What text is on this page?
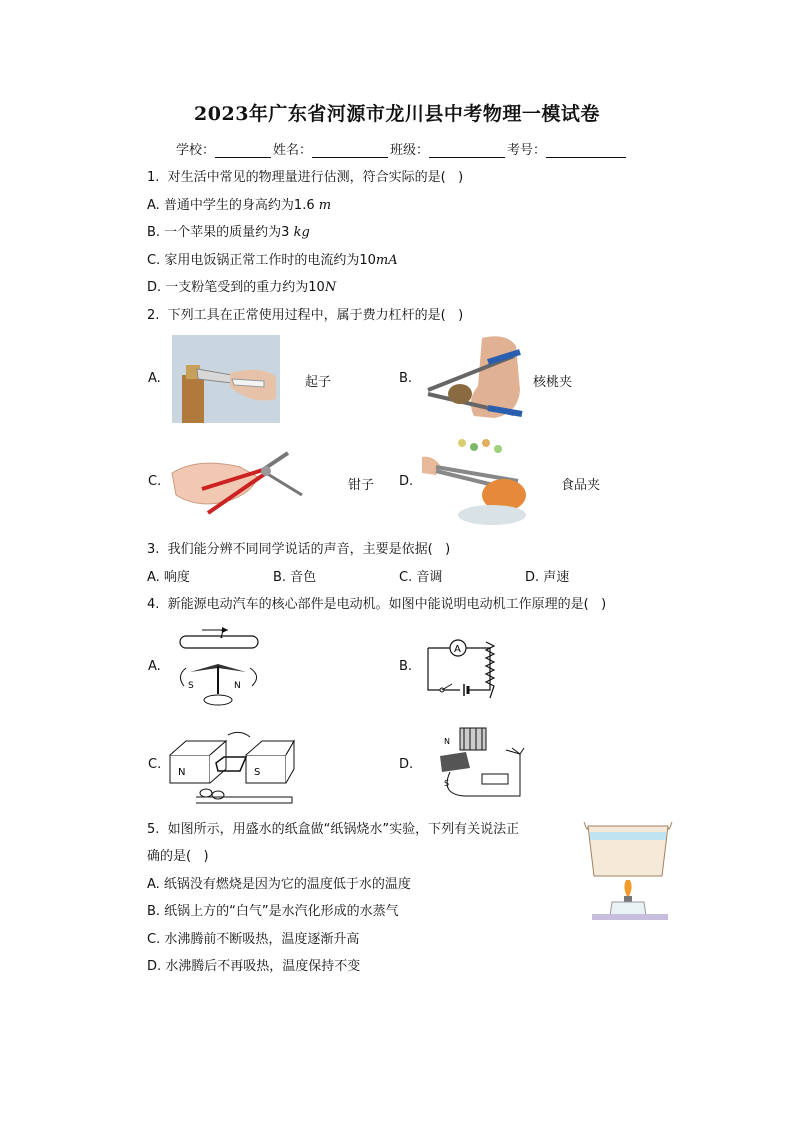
2023年广东省河源市龙川县中考物理一模试卷
学校：	姓名：	班级：	考号：
1.  对生活中常见的物理量进行估测，符合实际的是(   )
A. 普通中学生的身高约为1.6 m
B. 一个苹果的质量约为3 kg
C. 家用电饭锅正常工作时的电流约为10mA
D. 一支粉笔受到的重力约为10N
2.  下列工具在正常使用过程中，属于费力杠杆的是(   )
A.	起子	B.	核桃夹
C.	钳子 D.	食品夹
3.  我们能分辨不同同学说话的声音，主要是依据(   )
A. 响度	B. 音色	C. 音调	D. 声速
4.  新能源电动汽车的核心部件是电动机。如图中能说明电动机工作原理的是(   )
A.
I
S	N
B.
A
C.
N	S
D.
N
S
5.  如图所示，用盛水的纸盒做“纸锅烧水”实验，下列有关说法正
确的是(   )
A. 纸锅没有燃烧是因为它的温度低于水的温度
B. 纸锅上方的“白气”是水汽化形成的水蒸气
C. 水沸腾前不断吸热，温度逐渐升高
D. 水沸腾后不再吸热，温度保持不变
